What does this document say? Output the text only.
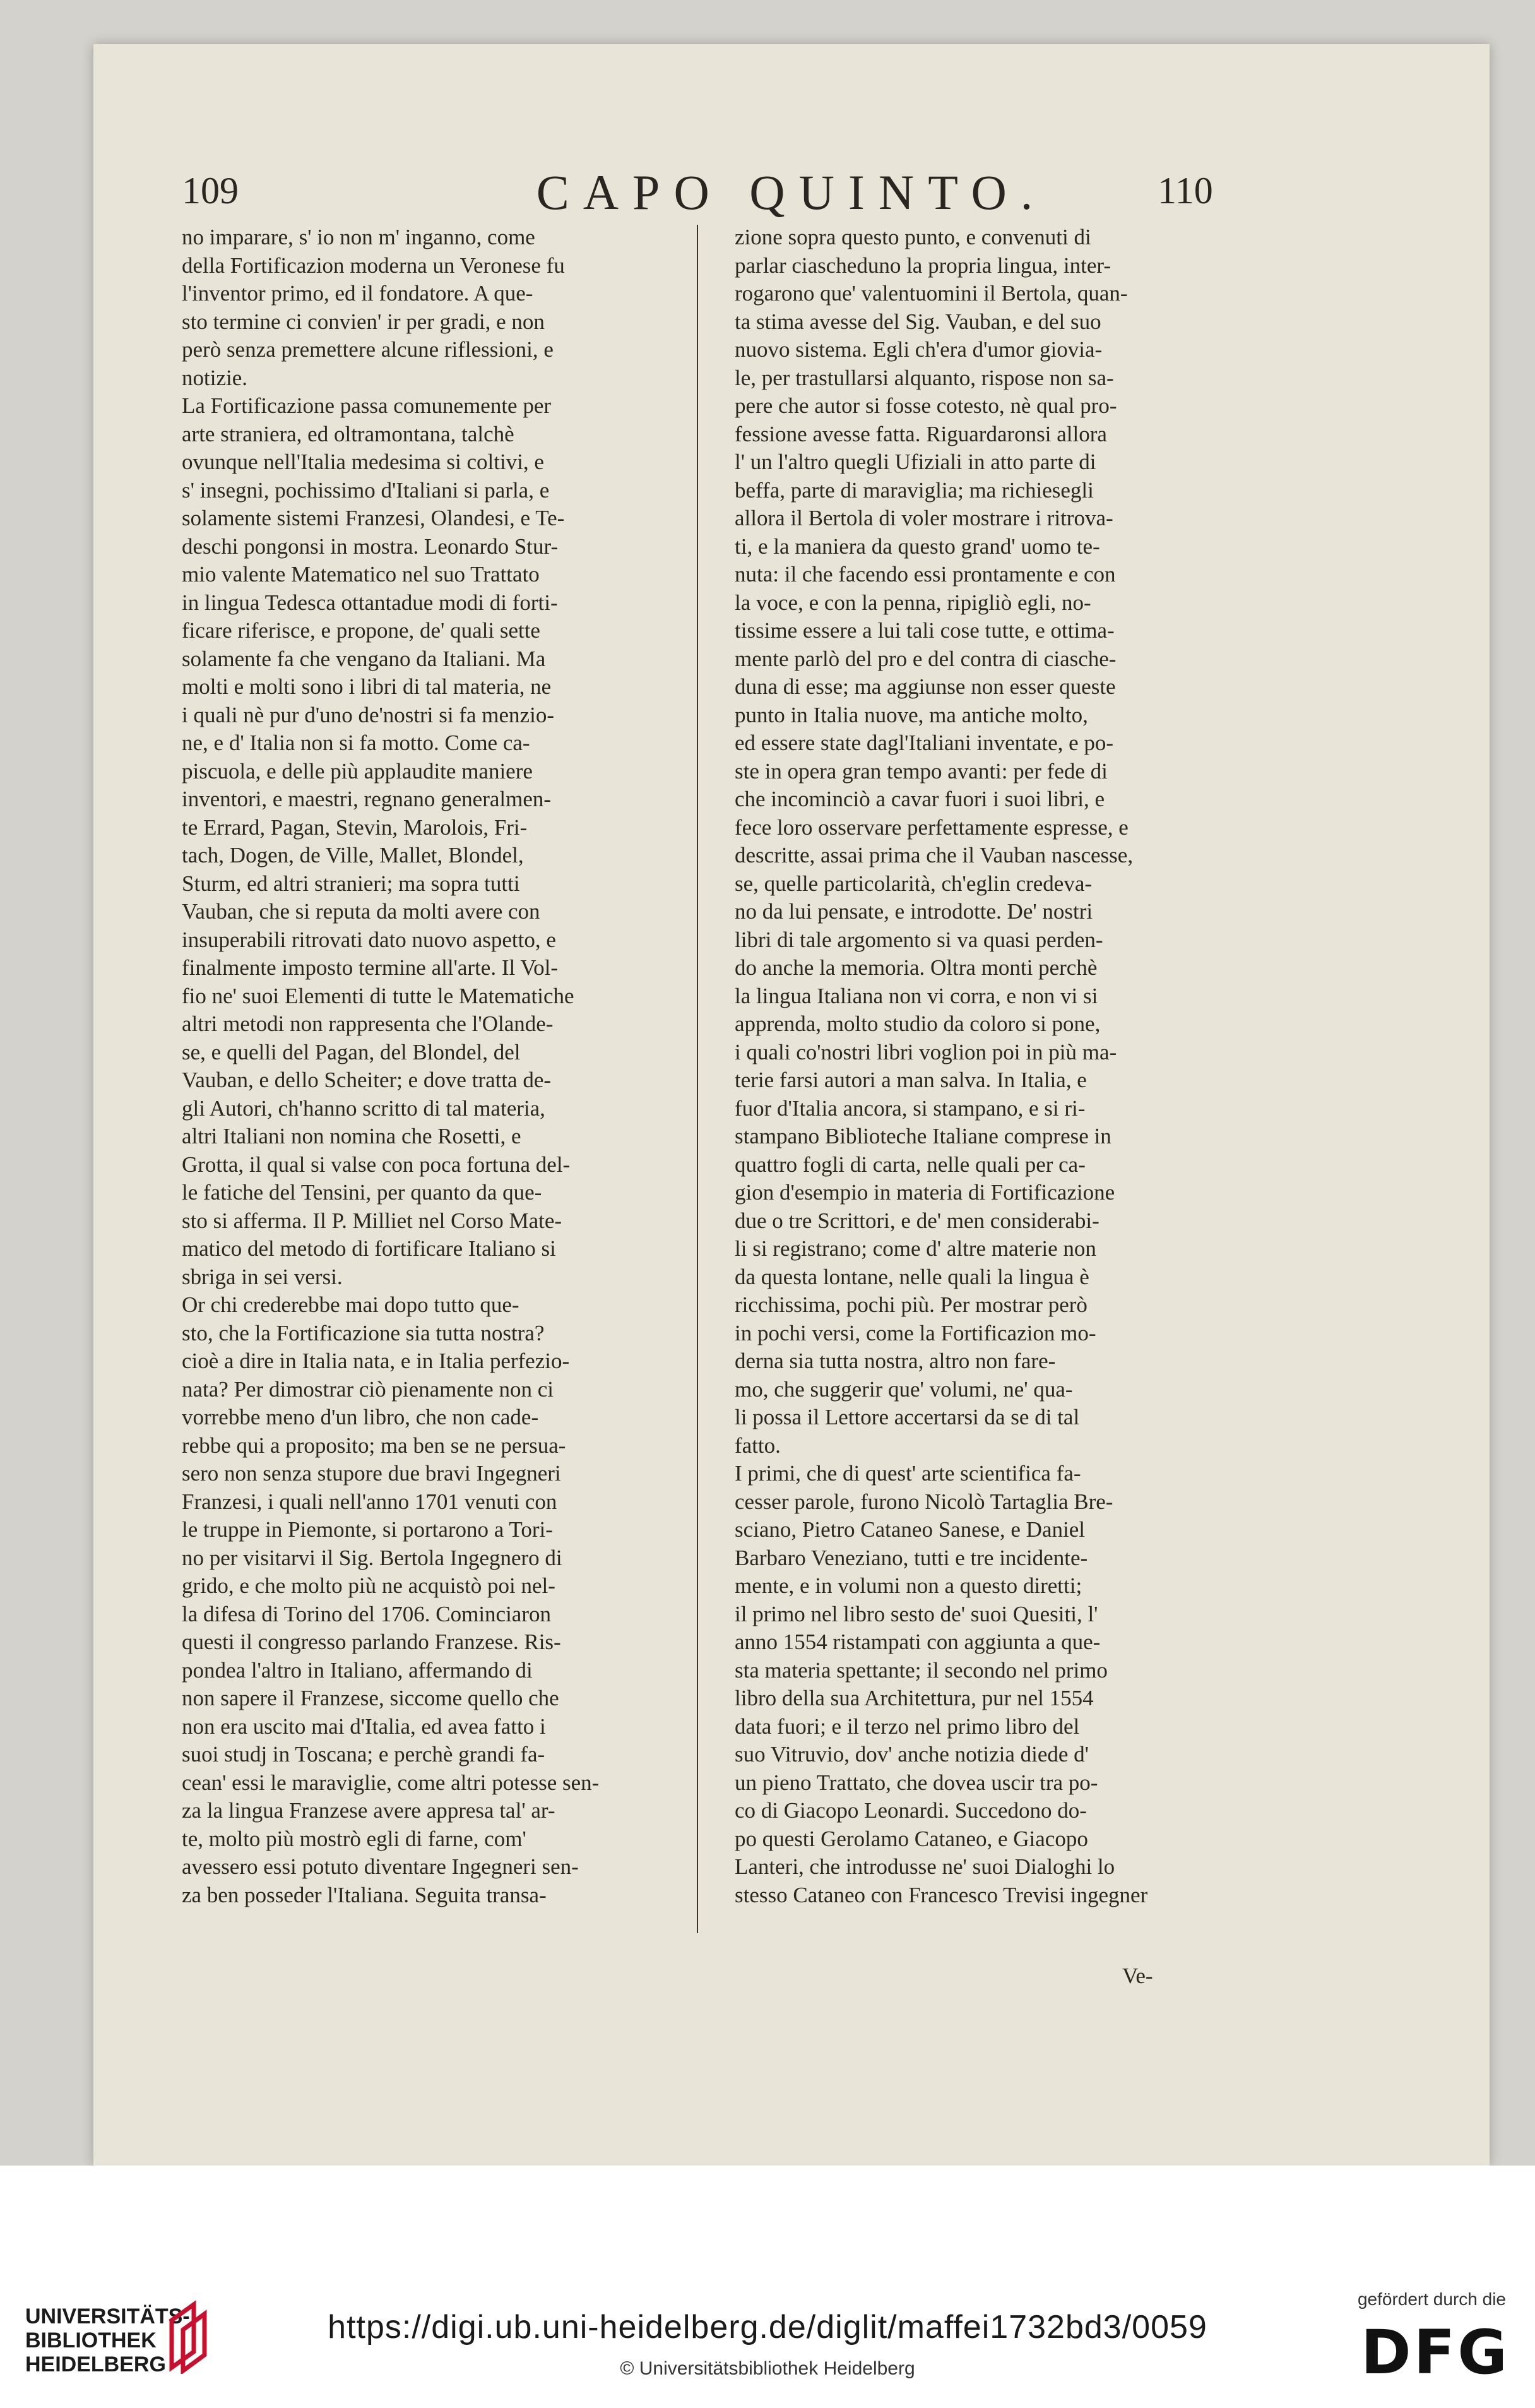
109	CAPO QUINTO.	110
no imparare, s' io non m' inganno, come
della Fortificazion moderna un Veronese fu
l'inventor primo, ed il fondatore. A que-
sto termine ci convien' ir per gradi, e non
però senza premettere alcune riflessioni, e
notizie.
La Fortificazione passa comunemente per
arte straniera, ed oltramontana, talchè
ovunque nell'Italia medesima si coltivi, e
s' insegni, pochissimo d'Italiani si parla, e
solamente sistemi Franzesi, Olandesi, e Te-
deschi pongonsi in mostra. Leonardo Stur-
mio valente Matematico nel suo Trattato
in lingua Tedesca ottantadue modi di forti-
ficare riferisce, e propone, de' quali sette
solamente fa che vengano da Italiani. Ma
molti e molti sono i libri di tal materia, ne
i quali nè pur d'uno de'nostri si fa menzio-
ne, e d' Italia non si fa motto. Come ca-
piscuola, e delle più applaudite maniere
inventori, e maestri, regnano generalmen-
te Errard, Pagan, Stevin, Marolois, Fri-
tach, Dogen, de Ville, Mallet, Blondel,
Sturm, ed altri stranieri; ma sopra tutti
Vauban, che si reputa da molti avere con
insuperabili ritrovati dato nuovo aspetto, e
finalmente imposto termine all'arte. Il Vol-
fio ne' suoi Elementi di tutte le Matematiche
altri metodi non rappresenta che l'Olande-
se, e quelli del Pagan, del Blondel, del
Vauban, e dello Scheiter; e dove tratta de-
gli Autori, ch'hanno scritto di tal materia,
altri Italiani non nomina che Rosetti, e
Grotta, il qual si valse con poca fortuna del-
le fatiche del Tensini, per quanto da que-
sto si afferma. Il P. Milliet nel Corso Mate-
matico del metodo di fortificare Italiano si
sbriga in sei versi.
Or chi crederebbe mai dopo tutto que-
sto, che la Fortificazione sia tutta nostra?
cioè a dire in Italia nata, e in Italia perfezio-
nata? Per dimostrar ciò pienamente non ci
vorrebbe meno d'un libro, che non cade-
rebbe qui a proposito; ma ben se ne persua-
sero non senza stupore due bravi Ingegneri
Franzesi, i quali nell'anno 1701 venuti con
le truppe in Piemonte, si portarono a Tori-
no per visitarvi il Sig. Bertola Ingegnero di
grido, e che molto più ne acquistò poi nel-
la difesa di Torino del 1706. Cominciaron
questi il congresso parlando Franzese. Ris-
pondea l'altro in Italiano, affermando di
non sapere il Franzese, siccome quello che
non era uscito mai d'Italia, ed avea fatto i
suoi studj in Toscana; e perchè grandi fa-
cean' essi le maraviglie, come altri potesse sen-
za la lingua Franzese avere appresa tal' ar-
te, molto più mostrò egli di farne, com'
avessero essi potuto diventare Ingegneri sen-
za ben posseder l'Italiana. Seguita transa-
zione sopra questo punto, e convenuti di
parlar ciascheduno la propria lingua, inter-
rogarono que' valentuomini il Bertola, quan-
ta stima avesse del Sig. Vauban, e del suo
nuovo sistema. Egli ch'era d'umor giovia-
le, per trastullarsi alquanto, rispose non sa-
pere che autor si fosse cotesto, nè qual pro-
fessione avesse fatta. Riguardaronsi allora
l' un l'altro quegli Ufiziali in atto parte di
beffa, parte di maraviglia; ma richiesegli
allora il Bertola di voler mostrare i ritrova-
ti, e la maniera da questo grand' uomo te-
nuta: il che facendo essi prontamente e con
la voce, e con la penna, ripigliò egli, no-
tissime essere a lui tali cose tutte, e ottima-
mente parlò del pro e del contra di ciasche-
duna di esse; ma aggiunse non esser queste
punto in Italia nuove, ma antiche molto,
ed essere state dagl'Italiani inventate, e po-
ste in opera gran tempo avanti: per fede di
che incominciò a cavar fuori i suoi libri, e
fece loro osservare perfettamente espresse, e
descritte, assai prima che il Vauban nascesse,
se, quelle particolarità, ch'eglin credeva-
no da lui pensate, e introdotte. De' nostri
libri di tale argomento si va quasi perden-
do anche la memoria. Oltra monti perchè
la lingua Italiana non vi corra, e non vi si
apprenda, molto studio da coloro si pone,
i quali co'nostri libri voglion poi in più ma-
terie farsi autori a man salva. In Italia, e
fuor d'Italia ancora, si stampano, e si ri-
stampano Biblioteche Italiane comprese in
quattro fogli di carta, nelle quali per ca-
gion d'esempio in materia di Fortificazione
due o tre Scrittori, e de' men considerabi-
li si registrano; come d' altre materie non
da questa lontane, nelle quali la lingua è
ricchissima, pochi più. Per mostrar però
in pochi versi, come la Fortificazion mo-
derna sia tutta nostra, altro non fare-
mo, che suggerir que' volumi, ne' qua-
li possa il Lettore accertarsi da se di tal
fatto.
I primi, che di quest' arte scientifica fa-
cesser parole, furono Nicolò Tartaglia Bre-
sciano, Pietro Cataneo Sanese, e Daniel
Barbaro Veneziano, tutti e tre incidente-
mente, e in volumi non a questo diretti;
il primo nel libro sesto de' suoi Quesiti, l'
anno 1554 ristampati con aggiunta a que-
sta materia spettante; il secondo nel primo
libro della sua Architettura, pur nel 1554
data fuori; e il terzo nel primo libro del
suo Vitruvio, dov' anche notizia diede d'
un pieno Trattato, che dovea uscir tra po-
co di Giacopo Leonardi. Succedono do-
po questi Gerolamo Cataneo, e Giacopo
Lanteri, che introdusse ne' suoi Dialoghi lo
stesso Cataneo con Francesco Trevisi ingegner
Ve-
UNIVERSITÄTS-
BIBLIOTHEK
HEIDELBERG
https://digi.ub.uni-heidelberg.de/diglit/maffei1732bd3/0059
© Universitätsbibliothek Heidelberg
gefördert durch die
DFG
